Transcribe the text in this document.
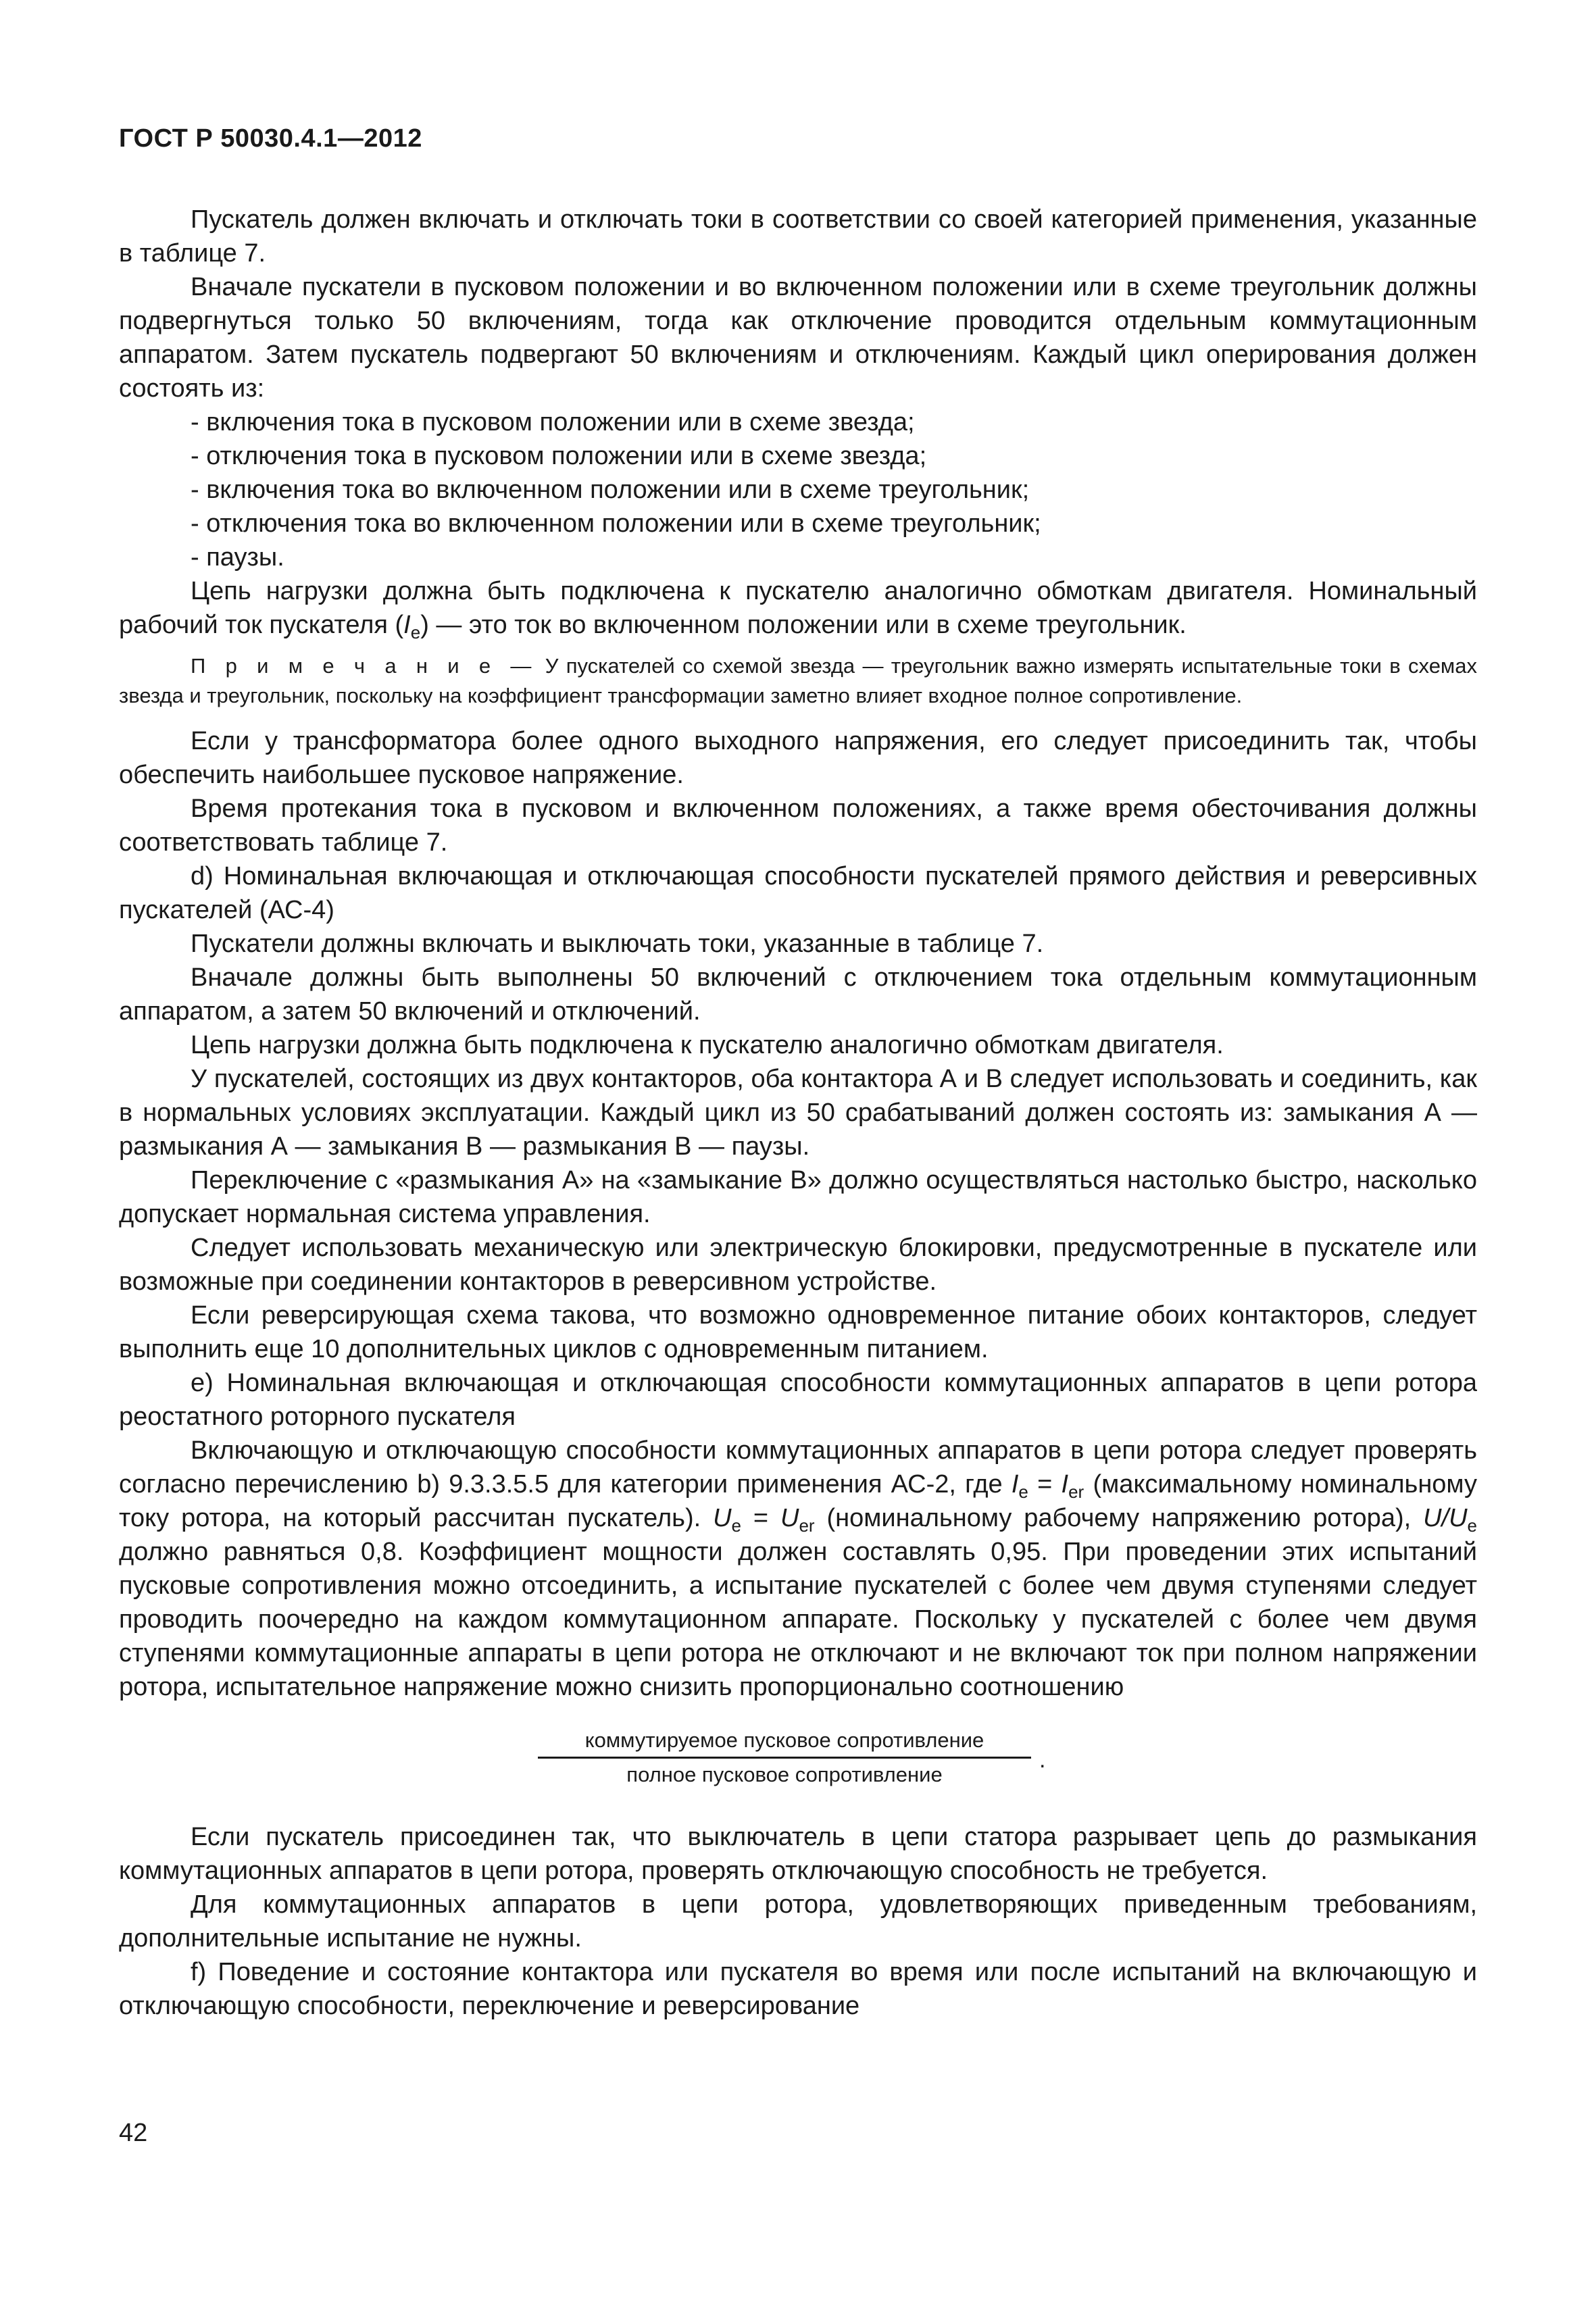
ГОСТ Р 50030.4.1—2012

Пускатель должен включать и отключать токи в соответствии со своей категорией применения, указанные в таблице 7.

Вначале пускатели в пусковом положении и во включенном положении или в схеме треугольник должны подвергнуться только 50 включениям, тогда как отключение проводится отдельным коммутационным аппаратом. Затем пускатель подвергают 50 включениям и отключениям. Каждый цикл оперирования должен состоять из:

- включения тока в пусковом положении или в схеме звезда;
- отключения тока в пусковом положении или в схеме звезда;
- включения тока во включенном положении или в схеме треугольник;
- отключения тока во включенном положении или в схеме треугольник;
- паузы.

Цепь нагрузки должна быть подключена к пускателю аналогично обмоткам двигателя. Номинальный рабочий ток пускателя $(I_e)$ — это ток во включенном положении или в схеме треугольник.

П р и м е ч а н и е — У пускателей со схемой звезда — треугольник важно измерять испытательные токи в схемах звезда и треугольник, поскольку на коэффициент трансформации заметно влияет входное полное сопротивление.

Если у трансформатора более одного выходного напряжения, его следует присоединить так, чтобы обеспечить наибольшее пусковое напряжение.

Время протекания тока в пусковом и включенном положениях, а также время обесточивания должны соответствовать таблице 7.

d) Номинальная включающая и отключающая способности пускателей прямого действия и реверсивных пускателей (АС-4)

Пускатели должны включать и выключать токи, указанные в таблице 7.

Вначале должны быть выполнены 50 включений с отключением тока отдельным коммутационным аппаратом, а затем 50 включений и отключений.

Цепь нагрузки должна быть подключена к пускателю аналогично обмоткам двигателя.

У пускателей, состоящих из двух контакторов, оба контактора А и В следует использовать и соединить, как в нормальных условиях эксплуатации. Каждый цикл из 50 срабатываний должен состоять из: замыкания А — размыкания А — замыкания В — размыкания В — паузы.

Переключение с «размыкания А» на «замыкание В» должно осуществляться настолько быстро, насколько допускает нормальная система управления.

Следует использовать механическую или электрическую блокировки, предусмотренные в пускателе или возможные при соединении контакторов в реверсивном устройстве.

Если реверсирующая схема такова, что возможно одновременное питание обоих контакторов, следует выполнить еще 10 дополнительных циклов с одновременным питанием.

е) Номинальная включающая и отключающая способности коммутационных аппаратов в цепи ротора реостатного роторного пускателя

Включающую и отключающую способности коммутационных аппаратов в цепи ротора следует проверять согласно перечислению b) 9.3.3.5.5 для категории применения АС-2, где $I_e = I_{er}$ (максимальному номинальному току ротора, на который рассчитан пускатель). $U_e = U_{er}$ (номинальному рабочему напряжению ротора), $U/U_e$ должно равняться 0,8. Коэффициент мощности должен составлять 0,95. При проведении этих испытаний пусковые сопротивления можно отсоединить, а испытание пускателей с более чем двумя ступенями следует проводить поочередно на каждом коммутационном аппарате. Поскольку у пускателей с более чем двумя ступенями коммутационные аппараты в цепи ротора не отключают и не включают ток при полном напряжении ротора, испытательное напряжение можно снизить пропорционально соотношению

коммутируемое пусковое сопротивление
полное пусковое сопротивление
.

Если пускатель присоединен так, что выключатель в цепи статора разрывает цепь до размыкания коммутационных аппаратов в цепи ротора, проверять отключающую способность не требуется.

Для коммутационных аппаратов в цепи ротора, удовлетворяющих приведенным требованиям, дополнительные испытание не нужны.

f) Поведение и состояние контактора или пускателя во время или после испытаний на включающую и отключающую способности, переключение и реверсирование

42
